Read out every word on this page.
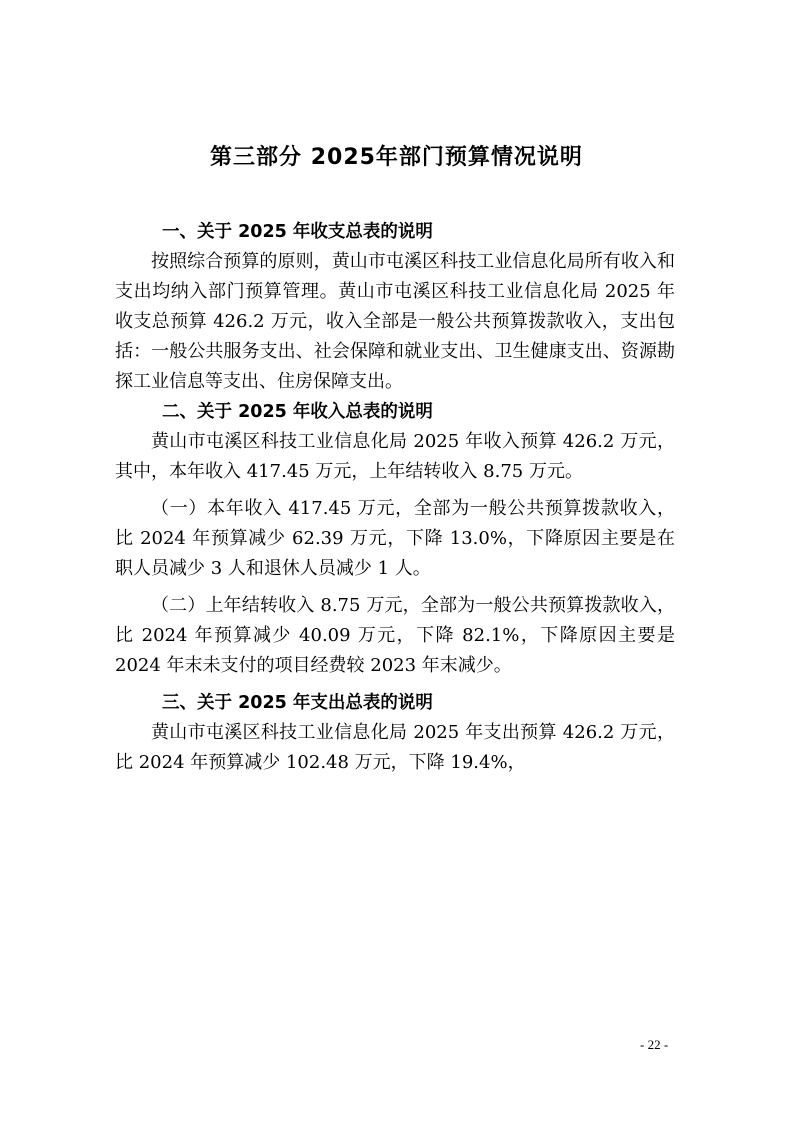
第三部分 2025年部门预算情况说明
一、关于 2025 年收支总表的说明

按照综合预算的原则，黄山市屯溪区科技工业信息化局所有收入和支出均纳入部门预算管理。黄山市屯溪区科技工业信息化局 2025 年收支总预算 426.2 万元，收入全部是一般公共预算拨款收入，支出包括：一般公共服务支出、社会保障和就业支出、卫生健康支出、资源勘探工业信息等支出、住房保障支出。

二、关于 2025 年收入总表的说明

黄山市屯溪区科技工业信息化局 2025 年收入预算 426.2 万元，其中，本年收入 417.45 万元，上年结转收入 8.75 万元。

（一）本年收入 417.45 万元，全部为一般公共预算拨款收入，比 2024 年预算减少 62.39 万元，下降 13.0%，下降原因主要是在职人员减少 3 人和退休人员减少 1 人。

（二）上年结转收入 8.75 万元，全部为一般公共预算拨款收入，比 2024 年预算减少 40.09 万元，下降 82.1%，下降原因主要是 2024 年末未支付的项目经费较 2023 年末减少。

三、关于 2025 年支出总表的说明

黄山市屯溪区科技工业信息化局 2025 年支出预算 426.2 万元，比 2024 年预算减少 102.48 万元，下降 19.4%，

- 22 -
